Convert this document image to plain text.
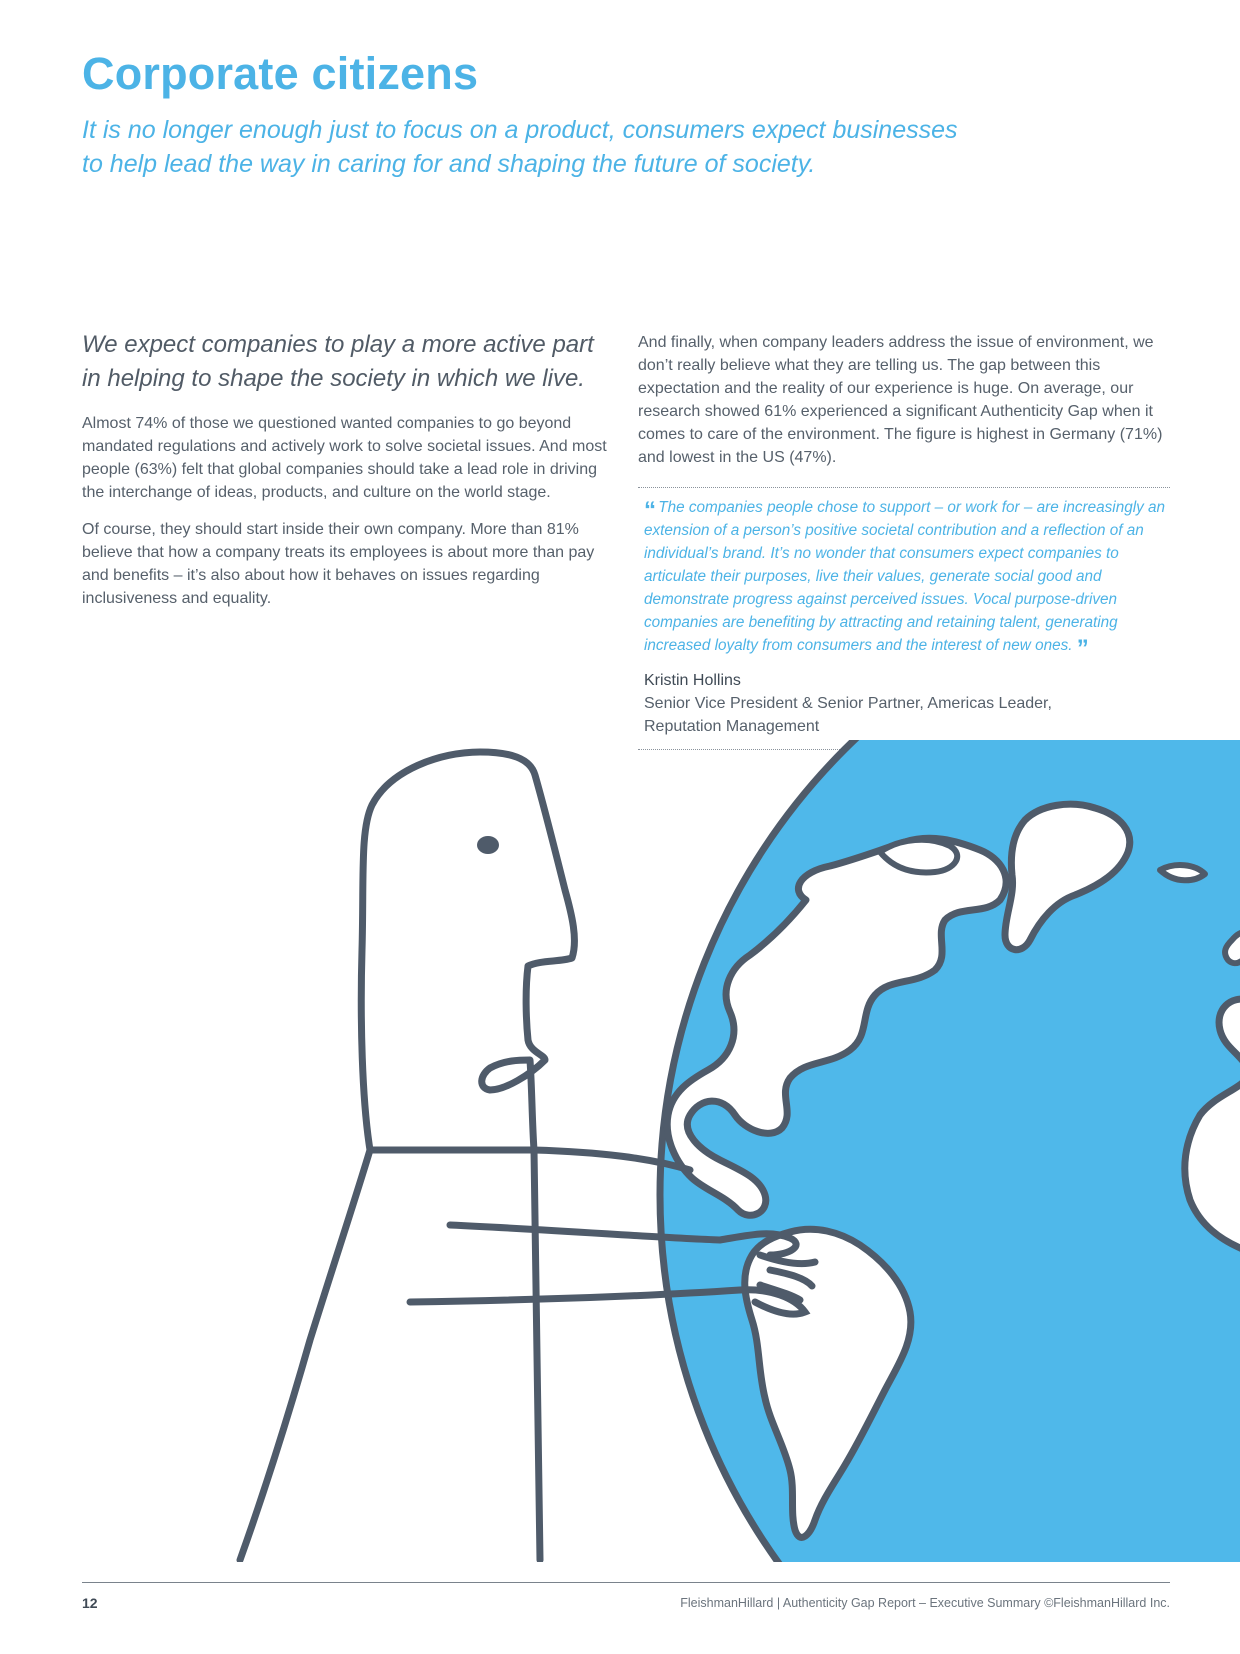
Corporate citizens

It is no longer enough just to focus on a product, consumers expect businesses to help lead the way in caring for and shaping the future of society.

We expect companies to play a more active part in helping to shape the society in which we live.

Almost 74% of those we questioned wanted companies to go beyond mandated regulations and actively work to solve societal issues. And most people (63%) felt that global companies should take a lead role in driving the interchange of ideas, products, and culture on the world stage.

Of course, they should start inside their own company. More than 81% believe that how a company treats its employees is about more than pay and benefits – it’s also about how it behaves on issues regarding inclusiveness and equality.

And finally, when company leaders address the issue of environment, we don’t really believe what they are telling us. The gap between this expectation and the reality of our experience is huge. On average, our research showed 61% experienced a significant Authenticity Gap when it comes to care of the environment. The figure is highest in Germany (71%) and lowest in the US (47%).

“ The companies people chose to support – or work for – are increasingly an extension of a person’s positive societal contribution and a reflection of an individual’s brand. It’s no wonder that consumers expect companies to articulate their purposes, live their values, generate social good and demonstrate progress against perceived issues. Vocal purpose-driven companies are benefiting by attracting and retaining talent, generating increased loyalty from consumers and the interest of new ones. ”

Kristin Hollins

Senior Vice President & Senior Partner, Americas Leader,

Reputation Management

12	FleishmanHillard | Authenticity Gap Report – Executive Summary ©FleishmanHillard Inc.
